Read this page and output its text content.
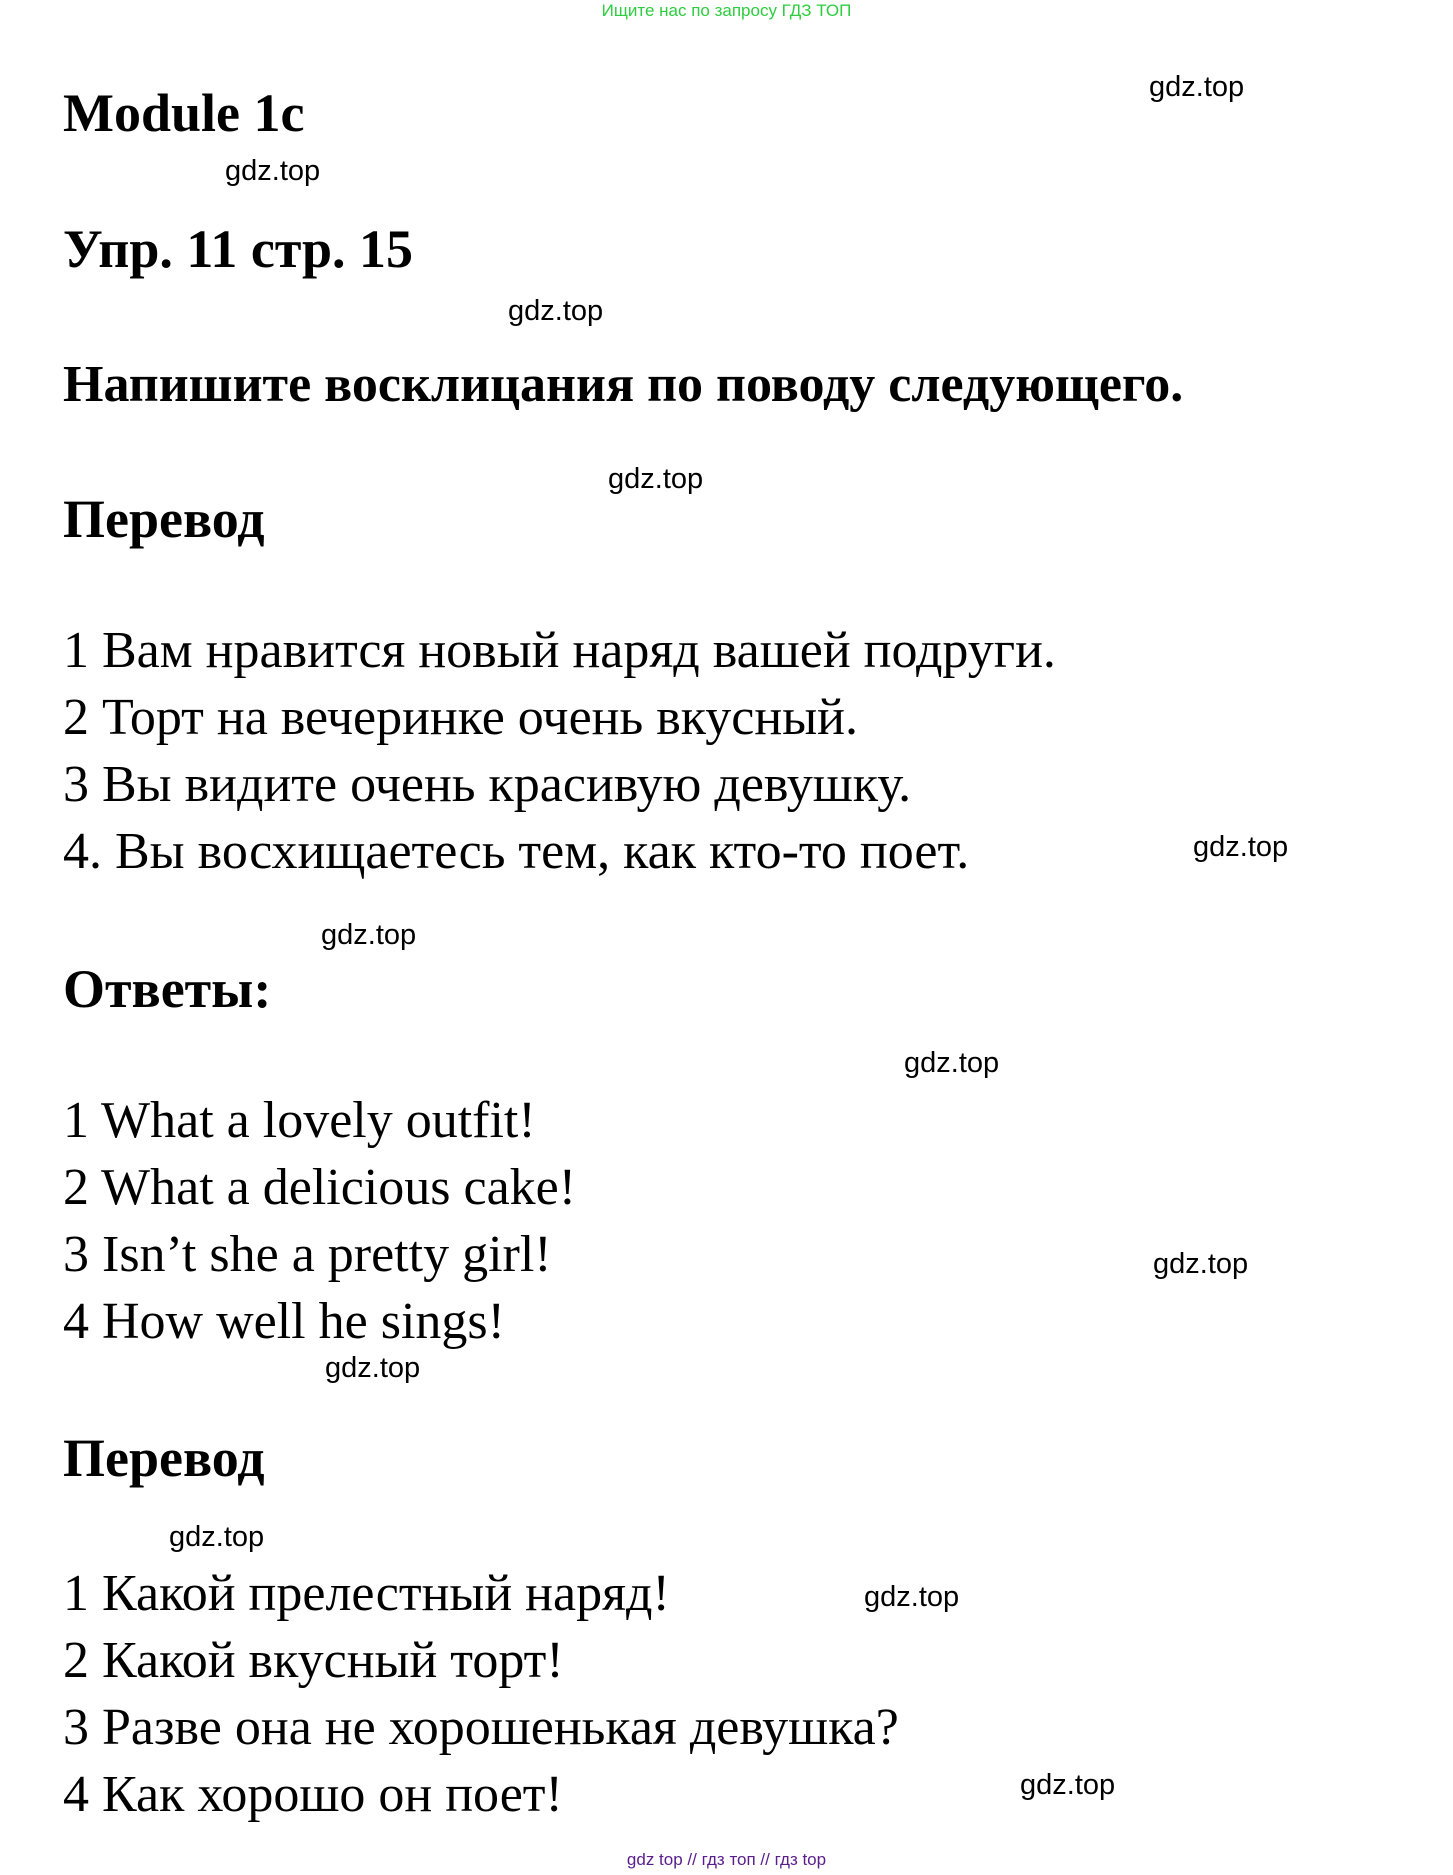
Ищите нас по запросу ГДЗ ТОП
Module 1c
Упр. 11 стр. 15
Напишите восклицания по поводу следующего.
Перевод
1 Вам нравится новый наряд вашей подруги.
2 Торт на вечеринке очень вкусный.
3 Вы видите очень красивую девушку.
4. Вы восхищаетесь тем, как кто-то поет.
Ответы:
1 What a lovely outfit!
2 What a delicious cake!
3 Isn’t she a pretty girl!
4 How well he sings!
Перевод
1 Какой прелестный наряд!
2 Какой вкусный торт!
3 Разве она не хорошенькая девушка?
4 Как хорошо он поет!
gdz.top
gdz.top
gdz.top
gdz.top
gdz.top
gdz.top
gdz.top
gdz.top
gdz.top
gdz.top
gdz.top
gdz.top
gdz top // гдз топ // гдз top
